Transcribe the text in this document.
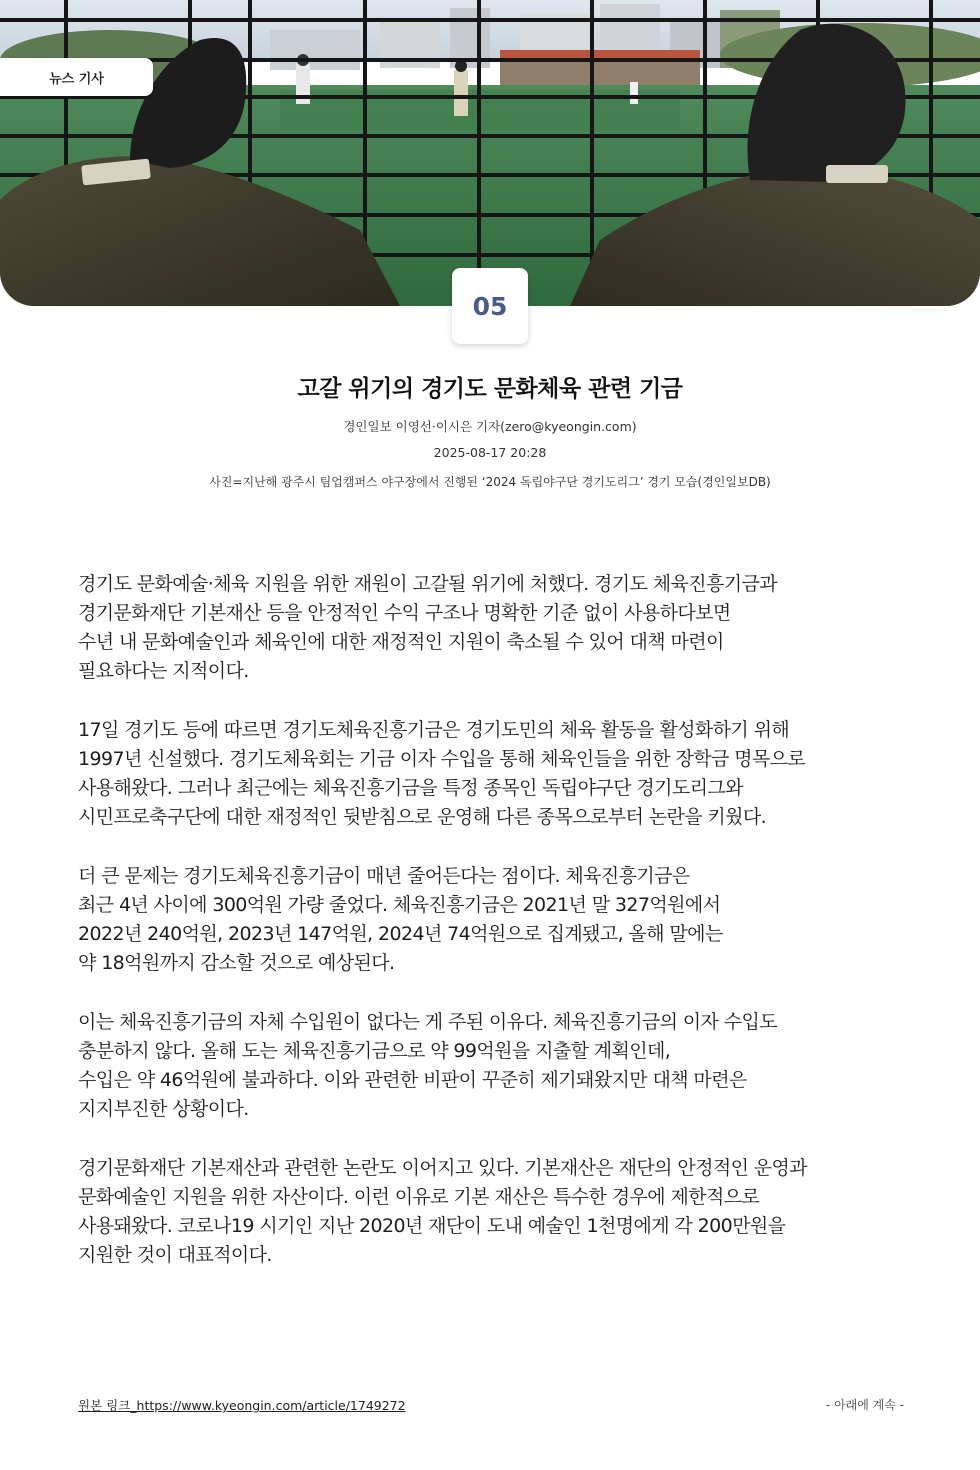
뉴스 기사
05
고갈 위기의 경기도 문화체육 관련 기금
경인일보 이영선·이시은 기자(zero@kyeongin.com)
2025-08-17 20:28
사진=지난해 광주시 팀업캠퍼스 야구장에서 진행된 ‘2024 독립야구단 경기도리그’ 경기 모습(경인일보DB)

경기도 문화예술·체육 지원을 위한 재원이 고갈될 위기에 처했다. 경기도 체육진흥기금과
경기문화재단 기본재산 등을 안정적인 수익 구조나 명확한 기준 없이 사용하다보면
수년 내 문화예술인과 체육인에 대한 재정적인 지원이 축소될 수 있어 대책 마련이
필요하다는 지적이다.

17일 경기도 등에 따르면 경기도체육진흥기금은 경기도민의 체육 활동을 활성화하기 위해
1997년 신설했다. 경기도체육회는 기금 이자 수입을 통해 체육인들을 위한 장학금 명목으로
사용해왔다. 그러나 최근에는 체육진흥기금을 특정 종목인 독립야구단 경기도리그와
시민프로축구단에 대한 재정적인 뒷받침으로 운영해 다른 종목으로부터 논란을 키웠다.

더 큰 문제는 경기도체육진흥기금이 매년 줄어든다는 점이다. 체육진흥기금은
최근 4년 사이에 300억원 가량 줄었다. 체육진흥기금은 2021년 말 327억원에서
2022년 240억원, 2023년 147억원, 2024년 74억원으로 집계됐고, 올해 말에는
약 18억원까지 감소할 것으로 예상된다.

이는 체육진흥기금의 자체 수입원이 없다는 게 주된 이유다. 체육진흥기금의 이자 수입도
충분하지 않다. 올해 도는 체육진흥기금으로 약 99억원을 지출할 계획인데,
수입은 약 46억원에 불과하다. 이와 관련한 비판이 꾸준히 제기돼왔지만 대책 마련은
지지부진한 상황이다.

경기문화재단 기본재산과 관련한 논란도 이어지고 있다. 기본재산은 재단의 안정적인 운영과
문화예술인 지원을 위한 자산이다. 이런 이유로 기본 재산은 특수한 경우에 제한적으로
사용돼왔다. 코로나19 시기인 지난 2020년 재단이 도내 예술인 1천명에게 각 200만원을
지원한 것이 대표적이다.

원본 링크_https://www.kyeongin.com/article/1749272	- 아래에 계속 -
